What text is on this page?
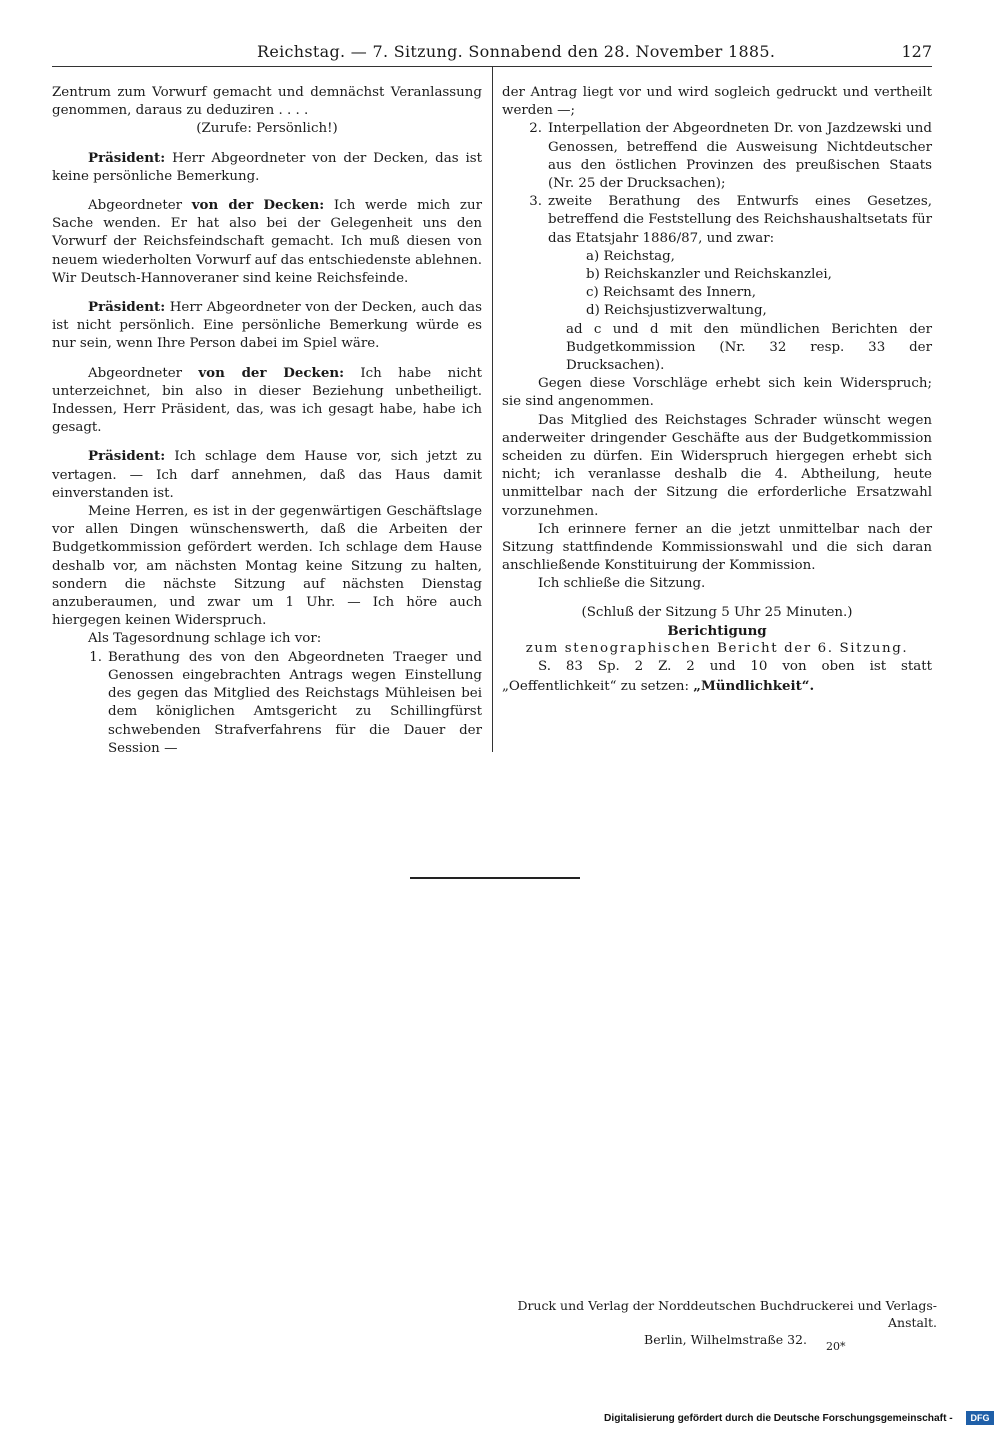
Reichstag. — 7. Sitzung. Sonnabend den 28. November 1885.	127

Zentrum zum Vorwurf gemacht und demnächst Veranlassung genommen, daraus zu deduziren . . . .

(Zurufe: Persönlich!)

Präsident: Herr Abgeordneter von der Decken, das ist keine persönliche Bemerkung.

Abgeordneter von der Decken: Ich werde mich zur Sache wenden. Er hat also bei der Gelegenheit uns den Vorwurf der Reichsfeindschaft gemacht. Ich muß diesen von neuem wiederholten Vorwurf auf das entschiedenste ablehnen. Wir Deutsch-Hannoveraner sind keine Reichsfeinde.

Präsident: Herr Abgeordneter von der Decken, auch das ist nicht persönlich. Eine persönliche Bemerkung würde es nur sein, wenn Ihre Person dabei im Spiel wäre.

Abgeordneter von der Decken: Ich habe nicht unterzeichnet, bin also in dieser Beziehung unbetheiligt. Indessen, Herr Präsident, das, was ich gesagt habe, habe ich gesagt.

Präsident: Ich schlage dem Hause vor, sich jetzt zu vertagen. — Ich darf annehmen, daß das Haus damit einverstanden ist.

Meine Herren, es ist in der gegenwärtigen Geschäftslage vor allen Dingen wünschenswerth, daß die Arbeiten der Budgetkommission gefördert werden. Ich schlage dem Hause deshalb vor, am nächsten Montag keine Sitzung zu halten, sondern die nächste Sitzung auf nächsten Dienstag anzuberaumen, und zwar um 1 Uhr. — Ich höre auch hiergegen keinen Widerspruch.

Als Tagesordnung schlage ich vor:

1. Berathung des von den Abgeordneten Traeger und Genossen eingebrachten Antrags wegen Einstellung des gegen das Mitglied des Reichstags Mühleisen bei dem königlichen Amtsgericht zu Schillingfürst schwebenden Strafverfahrens für die Dauer der Session —

der Antrag liegt vor und wird sogleich gedruckt und vertheilt werden —;

2. Interpellation der Abgeordneten Dr. von Jazdzewski und Genossen, betreffend die Ausweisung Nichtdeutscher aus den östlichen Provinzen des preußischen Staats (Nr. 25 der Drucksachen);
3. zweite Berathung des Entwurfs eines Gesetzes, betreffend die Feststellung des Reichshaushaltsetats für das Etatsjahr 1886/87, und zwar:

a) Reichstag,

b) Reichskanzler und Reichskanzlei,

c) Reichsamt des Innern,

d) Reichsjustizverwaltung,

ad c und d mit den mündlichen Berichten der Budgetkommission (Nr. 32 resp. 33 der Drucksachen).

Gegen diese Vorschläge erhebt sich kein Widerspruch; sie sind angenommen.

Das Mitglied des Reichstages Schrader wünscht wegen anderweiter dringender Geschäfte aus der Budgetkommission scheiden zu dürfen. Ein Widerspruch hiergegen erhebt sich nicht; ich veranlasse deshalb die 4. Abtheilung, heute unmittelbar nach der Sitzung die erforderliche Ersatzwahl vorzunehmen.

Ich erinnere ferner an die jetzt unmittelbar nach der Sitzung stattfindende Kommissionswahl und die sich daran anschließende Konstituirung der Kommission.

Ich schließe die Sitzung.

(Schluß der Sitzung 5 Uhr 25 Minuten.)

Berichtigung

zum stenographischen Bericht der 6. Sitzung.

S. 83 Sp. 2 Z. 2 und 10 von oben ist statt „Oeffentlichkeit“ zu setzen: „Mündlichkeit“.

Druck und Verlag der Norddeutschen Buchdruckerei und Verlags-Anstalt.
Berlin, Wilhelmstraße 32.	20*
Digitalisierung gefördert durch die Deutsche Forschungsgemeinschaft -	DFG
